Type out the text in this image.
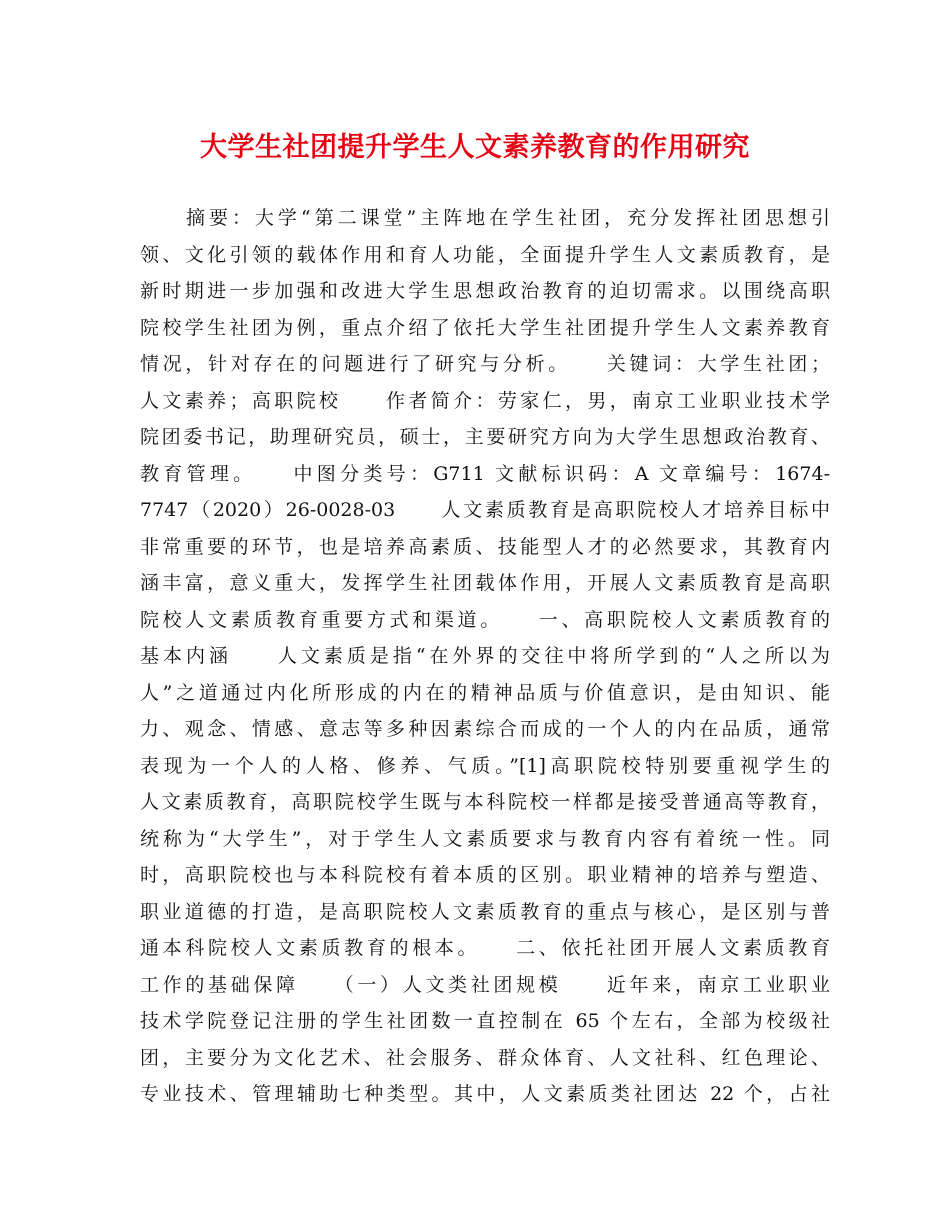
大学生社团提升学生人文素养教育的作用研究
　　摘要：大学“第二课堂”主阵地在学生社团，充分发挥社团思想引
领、文化引领的载体作用和育人功能，全面提升学生人文素质教育，是
新时期进一步加强和改进大学生思想政治教育的迫切需求。以围绕高职
院校学生社团为例，重点介绍了依托大学生社团提升学生人文素养教育
情况，针对存在的问题进行了研究与分析。　　关键词：大学生社团；
人文素养；高职院校　　作者简介：劳家仁，男，南京工业职业技术学
院团委书记，助理研究员，硕士，主要研究方向为大学生思想政治教育、
教育管理。　　中图分类号：G711 文献标识码：A 文章编号：1674-
7747（2020）26-0028-03　　人文素质教育是高职院校人才培养目标中
非常重要的环节，也是培养高素质、技能型人才的必然要求，其教育内
涵丰富，意义重大，发挥学生社团载体作用，开展人文素质教育是高职
院校人文素质教育重要方式和渠道。　　一、高职院校人文素质教育的
基本内涵　　人文素质是指“在外界的交往中将所学到的“人之所以为
人”之道通过内化所形成的内在的精神品质与价值意识，是由知识、能
力、观念、情感、意志等多种因素综合而成的一个人的内在品质，通常
表现为一个人的人格、修养、气质。”[1]高职院校特别要重视学生的
人文素质教育，高职院校学生既与本科院校一样都是接受普通高等教育，
统称为“大学生”，对于学生人文素质要求与教育内容有着统一性。同
时，高职院校也与本科院校有着本质的区别。职业精神的培养与塑造、
职业道德的打造，是高职院校人文素质教育的重点与核心，是区别与普
通本科院校人文素质教育的根本。　　二、依托社团开展人文素质教育
工作的基础保障　　（一）人文类社团规模　　近年来，南京工业职业
技术学院登记注册的学生社团数一直控制在 65 个左右，全部为校级社
团，主要分为文化艺术、社会服务、群众体育、人文社科、红色理论、
专业技术、管理辅助七种类型。其中，人文素质类社团达 22 个，占社
